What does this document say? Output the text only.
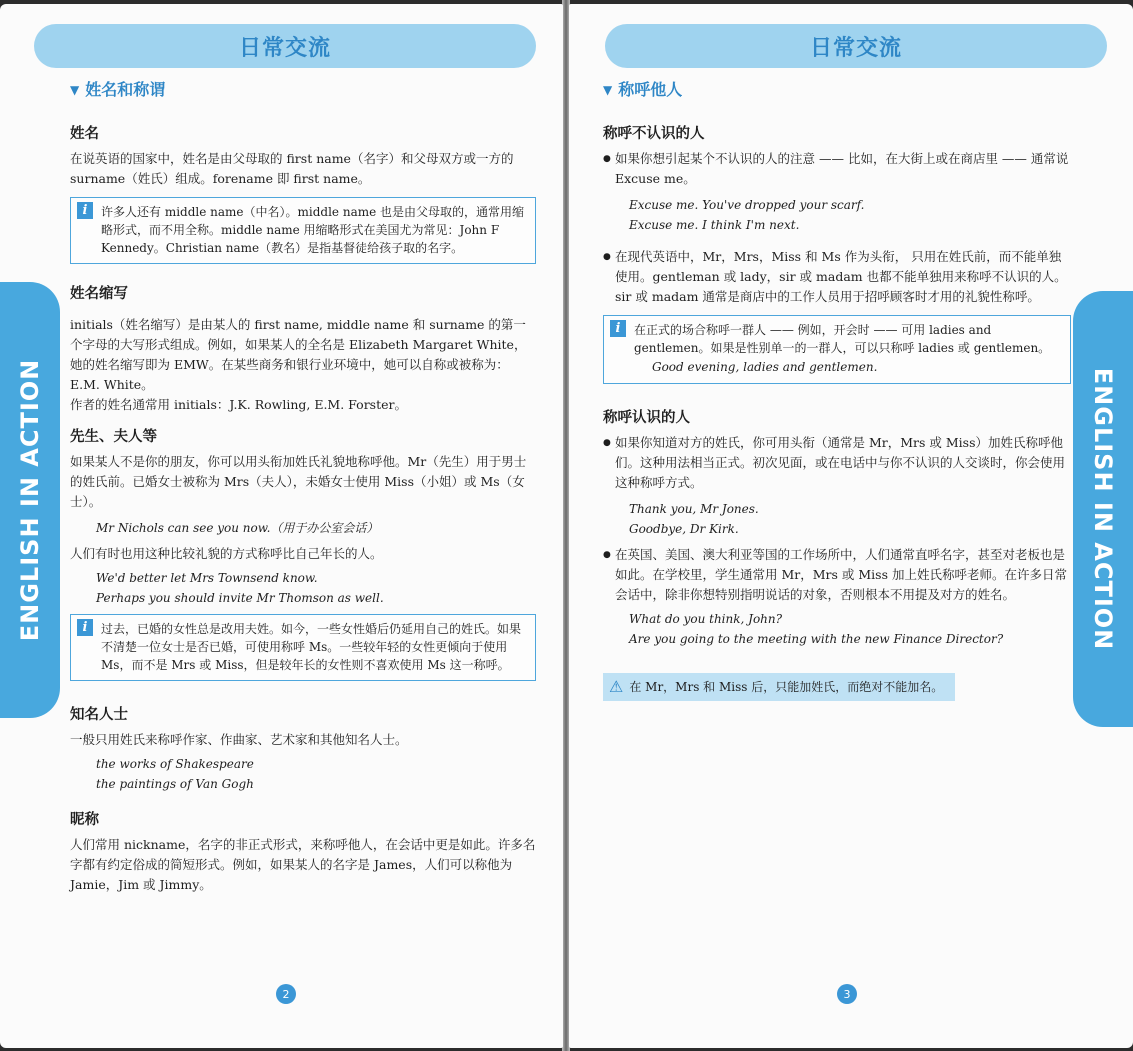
日常交流
ENGLISH IN ACTION
▼ 姓名和称谓
姓名

在说英语的国家中，姓名是由父母取的 first name（名字）和父母双方或一方的 surname（姓氏）组成。forename 即 first name。

i	许多人还有 middle name（中名）。middle name 也是由父母取的，通常用缩略形式，而不用全称。middle name 用缩略形式在美国尤为常见：John F Kennedy。Christian name（教名）是指基督徒给孩子取的名字。
姓名缩写

initials（姓名缩写）是由某人的 first name, middle name 和 surname 的第一个字母的大写形式组成。例如，如果某人的全名是 Elizabeth Margaret White，她的姓名缩写即为 EMW。在某些商务和银行业环境中，她可以自称或被称为：E.M. White。

作者的姓名通常用 initials：J.K. Rowling, E.M. Forster。

先生、夫人等

如果某人不是你的朋友，你可以用头衔加姓氏礼貌地称呼他。Mr（先生）用于男士的姓氏前。已婚女士被称为 Mrs（夫人），未婚女士使用 Miss（小姐）或 Ms（女士）。

Mr Nichols can see you now.（用于办公室会话）

人们有时也用这种比较礼貌的方式称呼比自己年长的人。

We'd better let Mrs Townsend know.

Perhaps you should invite Mr Thomson as well.

i	过去，已婚的女性总是改用夫姓。如今，一些女性婚后仍延用自己的姓氏。如果不清楚一位女士是否已婚，可使用称呼 Ms。一些较年轻的女性更倾向于使用 Ms，而不是 Mrs 或 Miss，但是较年长的女性则不喜欢使用 Ms 这一称呼。
知名人士

一般只用姓氏来称呼作家、作曲家、艺术家和其他知名人士。

the works of Shakespeare

the paintings of Van Gogh

昵称

人们常用 nickname，名字的非正式形式，来称呼他人，在会话中更是如此。许多名字都有约定俗成的简短形式。例如，如果某人的名字是 James，人们可以称他为 Jamie，Jim 或 Jimmy。

2
日常交流
ENGLISH IN ACTION
▼ 称呼他人
称呼不认识的人

● 如果你想引起某个不认识的人的注意 —— 比如，在大街上或在商店里 —— 通常说 Excuse me。

Excuse me. You've dropped your scarf.

Excuse me. I think I'm next.

● 在现代英语中，Mr，Mrs，Miss 和 Ms 作为头衔， 只用在姓氏前，而不能单独使用。gentleman 或 lady，sir 或 madam 也都不能单独用来称呼不认识的人。sir 或 madam 通常是商店中的工作人员用于招呼顾客时才用的礼貌性称呼。

i	在正式的场合称呼一群人 —— 例如，开会时 —— 可用 ladies and gentlemen。如果是性别单一的一群人，可以只称呼 ladies 或 gentlemen。
Good evening, ladies and gentlemen.
称呼认识的人

● 如果你知道对方的姓氏，你可用头衔（通常是 Mr，Mrs 或 Miss）加姓氏称呼他们。这种用法相当正式。初次见面，或在电话中与你不认识的人交谈时，你会使用这种称呼方式。

Thank you, Mr Jones.

Goodbye, Dr Kirk.

● 在英国、美国、澳大利亚等国的工作场所中，人们通常直呼名字，甚至对老板也是如此。在学校里，学生通常用 Mr，Mrs 或 Miss 加上姓氏称呼老师。在许多日常会话中，除非你想特别指明说话的对象，否则根本不用提及对方的姓名。

What do you think, John?

Are you going to the meeting with the new Finance Director?

⚠ 在 Mr，Mrs 和 Miss 后，只能加姓氏，而绝对不能加名。
3
